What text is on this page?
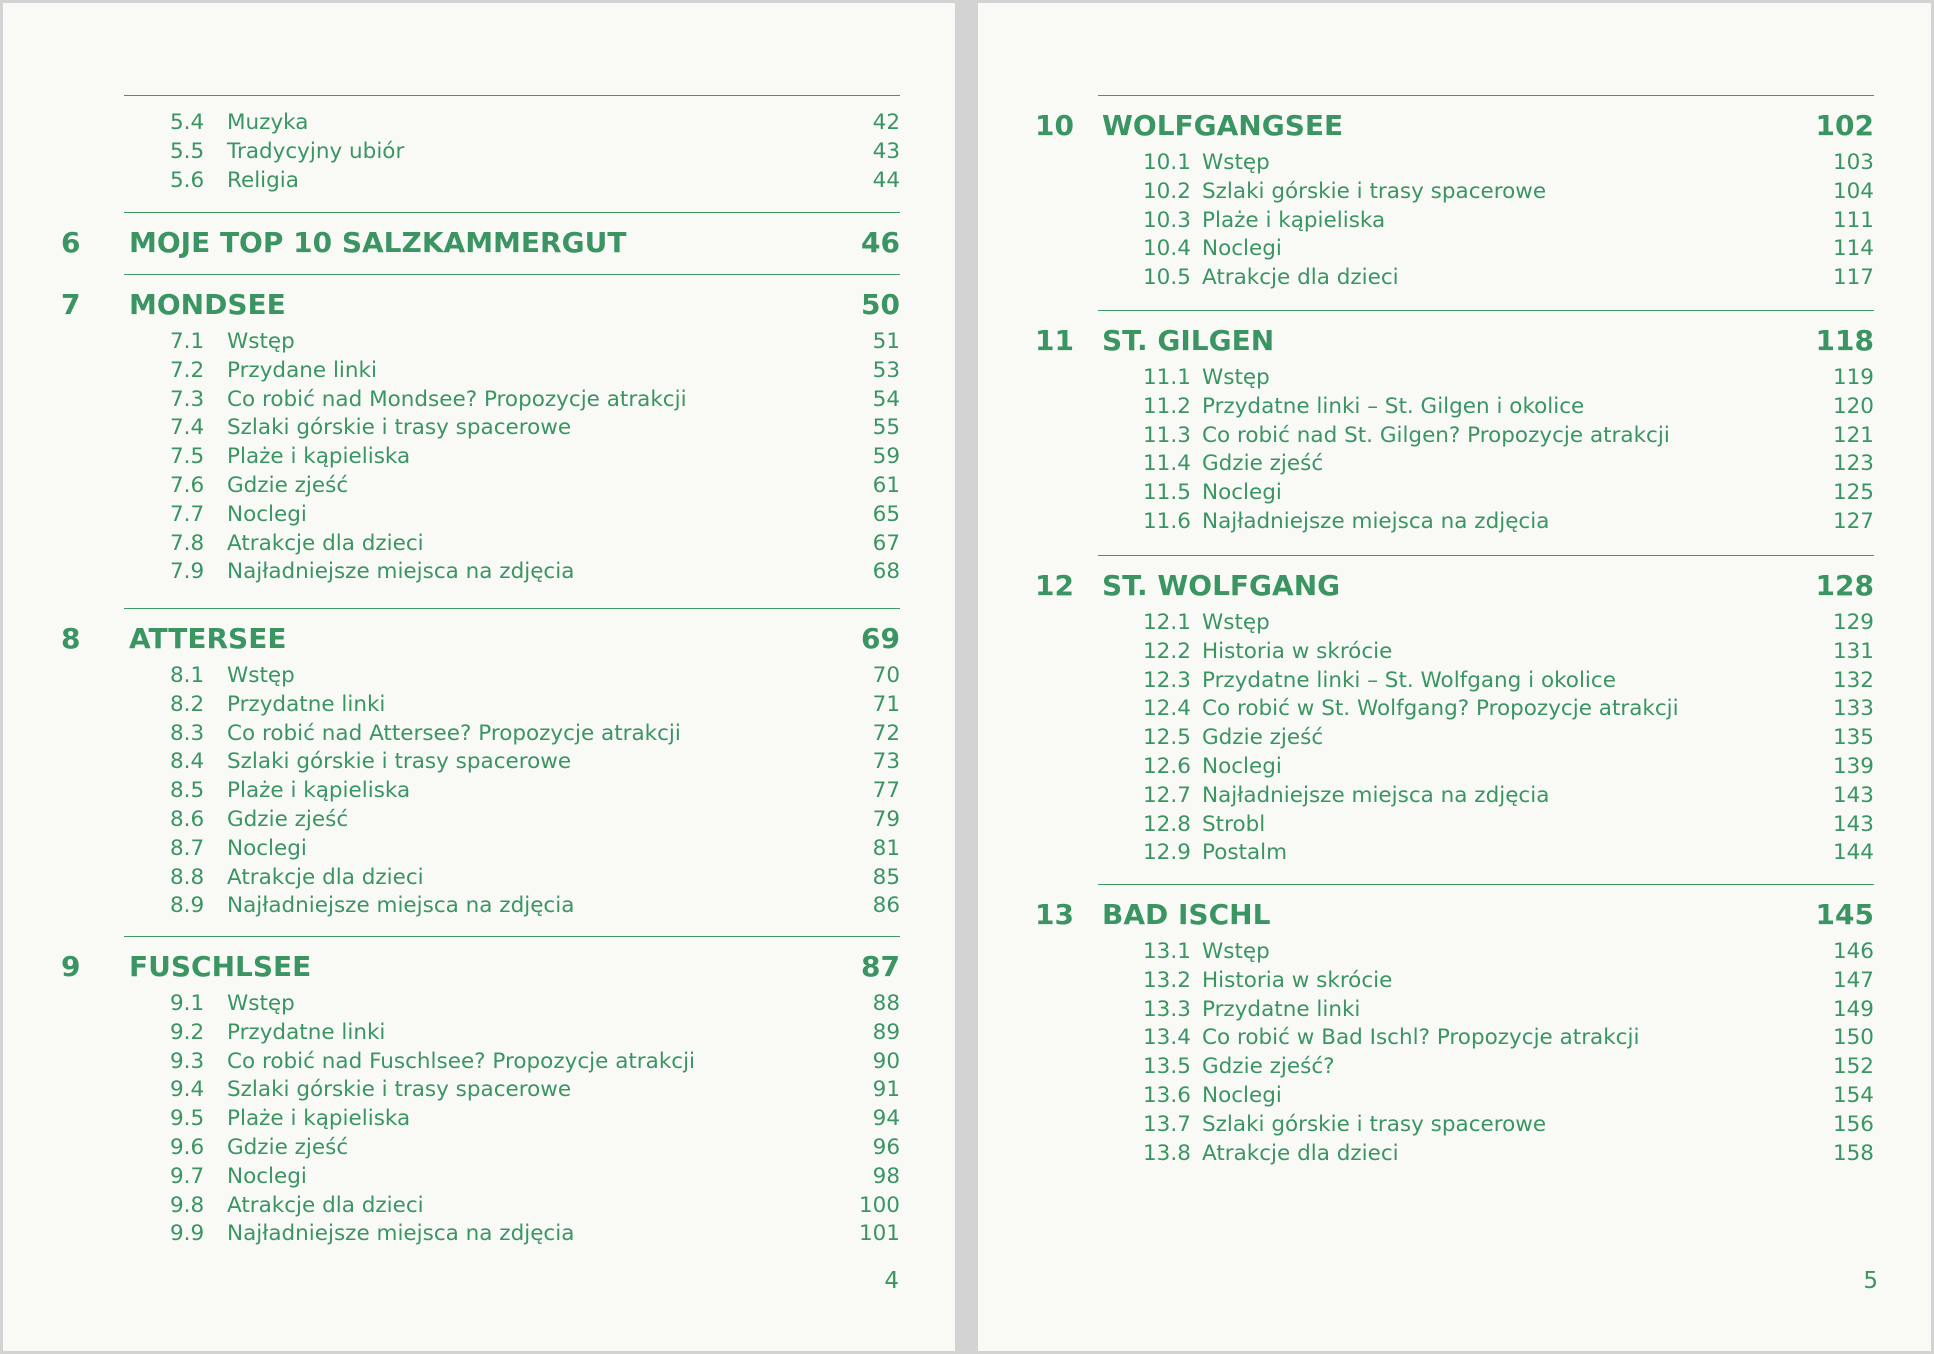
5.4 Muzyka	42
5.5 Tradycyjny ubiór	43
5.6 Religia	44
6 MOJE TOP 10 SALZKAMMERGUT	46
7 MONDSEE	50
7.1 Wstęp	51
7.2 Przydane linki	53
7.3 Co robić nad Mondsee? Propozycje atrakcji	54
7.4 Szlaki górskie i trasy spacerowe	55
7.5 Plaże i kąpieliska	59
7.6 Gdzie zjeść	61
7.7 Noclegi	65
7.8 Atrakcje dla dzieci	67
7.9 Najładniejsze miejsca na zdjęcia	68
8 ATTERSEE	69
8.1 Wstęp	70
8.2 Przydatne linki	71
8.3 Co robić nad Attersee? Propozycje atrakcji	72
8.4 Szlaki górskie i trasy spacerowe	73
8.5 Plaże i kąpieliska	77
8.6 Gdzie zjeść	79
8.7 Noclegi	81
8.8 Atrakcje dla dzieci	85
8.9 Najładniejsze miejsca na zdjęcia	86
9 FUSCHLSEE	87
9.1 Wstęp	88
9.2 Przydatne linki	89
9.3 Co robić nad Fuschlsee? Propozycje atrakcji	90
9.4 Szlaki górskie i trasy spacerowe	91
9.5 Plaże i kąpieliska	94
9.6 Gdzie zjeść	96
9.7 Noclegi	98
9.8 Atrakcje dla dzieci	100
9.9 Najładniejsze miejsca na zdjęcia	101
4
10 WOLFGANGSEE	102
10.1 Wstęp	103
10.2 Szlaki górskie i trasy spacerowe	104
10.3 Plaże i kąpieliska	111
10.4 Noclegi	114
10.5 Atrakcje dla dzieci	117
11 ST. GILGEN	118
11.1 Wstęp	119
11.2 Przydatne linki – St. Gilgen i okolice	120
11.3 Co robić nad St. Gilgen? Propozycje atrakcji	121
11.4 Gdzie zjeść	123
11.5 Noclegi	125
11.6 Najładniejsze miejsca na zdjęcia	127
12 ST. WOLFGANG	128
12.1 Wstęp	129
12.2 Historia w skrócie	131
12.3 Przydatne linki – St. Wolfgang i okolice	132
12.4 Co robić w St. Wolfgang? Propozycje atrakcji	133
12.5 Gdzie zjeść	135
12.6 Noclegi	139
12.7 Najładniejsze miejsca na zdjęcia	143
12.8 Strobl	143
12.9 Postalm	144
13 BAD ISCHL	145
13.1 Wstęp	146
13.2 Historia w skrócie	147
13.3 Przydatne linki	149
13.4 Co robić w Bad Ischl? Propozycje atrakcji	150
13.5 Gdzie zjeść?	152
13.6 Noclegi	154
13.7 Szlaki górskie i trasy spacerowe	156
13.8 Atrakcje dla dzieci	158
5
